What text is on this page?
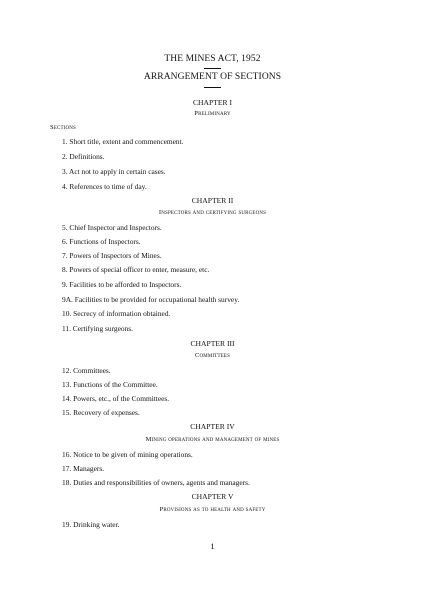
THE MINES ACT, 1952
ARRANGEMENT OF SECTIONS
CHAPTER I
Preliminary
Sections
1. Short title, extent and commencement.
2. Definitions.
3. Act not to apply in certain cases.
4. References to time of day.
CHAPTER II
Inspectors and certifying surgeons
5. Chief Inspector and Inspectors.
6. Functions of Inspectors.
7. Powers of Inspectors of Mines.
8. Powers of special officer to enter, measure, etc.
9. Facilities to be afforded to Inspectors.
9A. Facilities to be provided for occupational health survey.
10. Secrecy of information obtained.
11. Certifying surgeons.
CHAPTER III
Committees
12. Committees.
13. Functions of the Committee.
14. Powers, etc., of the Committees.
15. Recovery of expenses.
CHAPTER IV
Mining operations and management of mines
16. Notice to be given of mining operations.
17. Managers.
18. Duties and responsibilities of owners, agents and managers.
CHAPTER V
Provisions as to health and safety
19. Drinking water.
1
